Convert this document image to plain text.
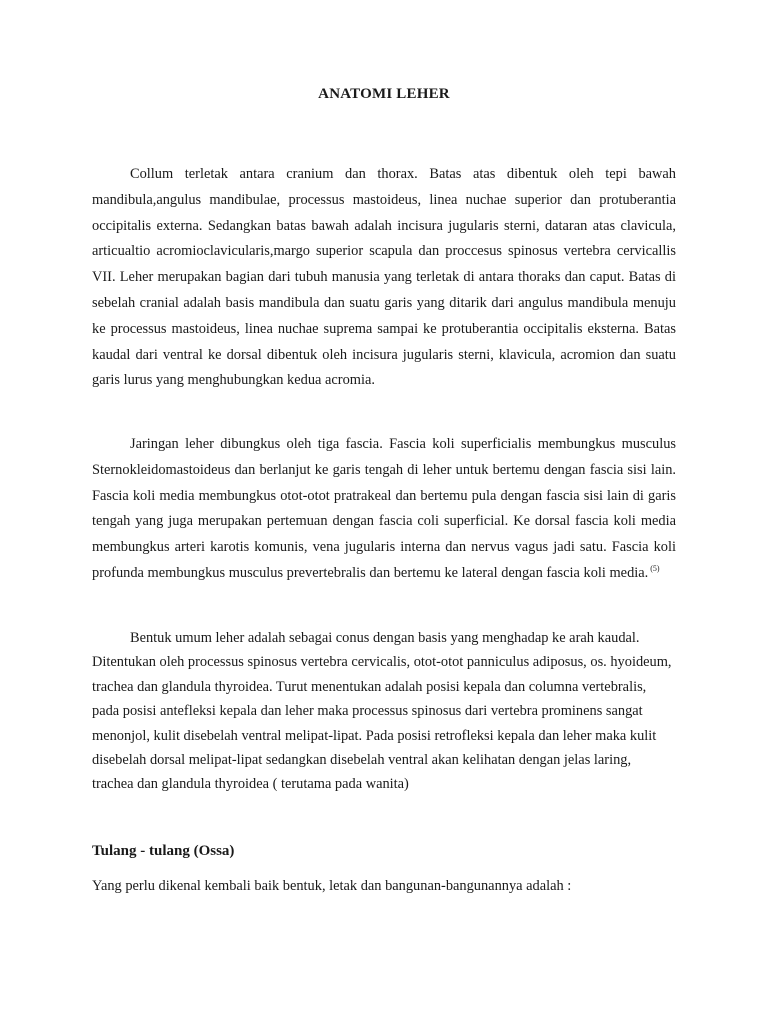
ANATOMI LEHER

Collum terletak antara cranium dan thorax. Batas atas dibentuk oleh tepi bawah mandibula,angulus mandibulae, processus mastoideus, linea nuchae superior dan protuberantia occipitalis externa. Sedangkan batas bawah adalah incisura jugularis sterni, dataran atas clavicula, articualtio acromioclavicularis,margo superior scapula dan proccesus spinosus vertebra cervicallis VII. Leher merupakan bagian dari tubuh manusia yang terletak di antara thoraks dan caput. Batas di sebelah cranial adalah basis mandibula dan suatu garis yang ditarik dari angulus mandibula menuju ke processus mastoideus, linea nuchae suprema sampai ke protuberantia occipitalis eksterna. Batas kaudal dari ventral ke dorsal dibentuk oleh incisura jugularis sterni, klavicula, acromion dan suatu garis lurus yang menghubungkan kedua acromia.

Jaringan leher dibungkus oleh tiga fascia. Fascia koli superficialis membungkus musculus Sternokleidomastoideus dan berlanjut ke garis tengah di leher untuk bertemu dengan fascia sisi lain. Fascia koli media membungkus otot-otot pratrakeal dan bertemu pula dengan fascia sisi lain di garis tengah yang juga merupakan pertemuan dengan fascia coli superficial. Ke dorsal fascia koli media membungkus arteri karotis komunis, vena jugularis interna dan nervus vagus jadi satu. Fascia koli profunda membungkus musculus prevertebralis dan bertemu ke lateral dengan fascia koli media. $^{(5)}$

Bentuk umum leher adalah sebagai conus dengan basis yang menghadap ke arah kaudal. Ditentukan oleh processus spinosus vertebra cervicalis, otot-otot panniculus adiposus, os. hyoideum, trachea dan glandula thyroidea. Turut menentukan adalah posisi kepala dan columna vertebralis, pada posisi antefleksi kepala dan leher maka processus spinosus dari vertebra prominens sangat menonjol, kulit disebelah ventral melipat-lipat. Pada posisi retrofleksi kepala dan leher maka kulit disebelah dorsal melipat-lipat sedangkan disebelah ventral akan kelihatan dengan jelas laring, trachea dan glandula thyroidea ( terutama pada wanita)

Tulang - tulang (Ossa)
Yang perlu dikenal kembali baik bentuk, letak dan bangunan-bangunannya adalah :
